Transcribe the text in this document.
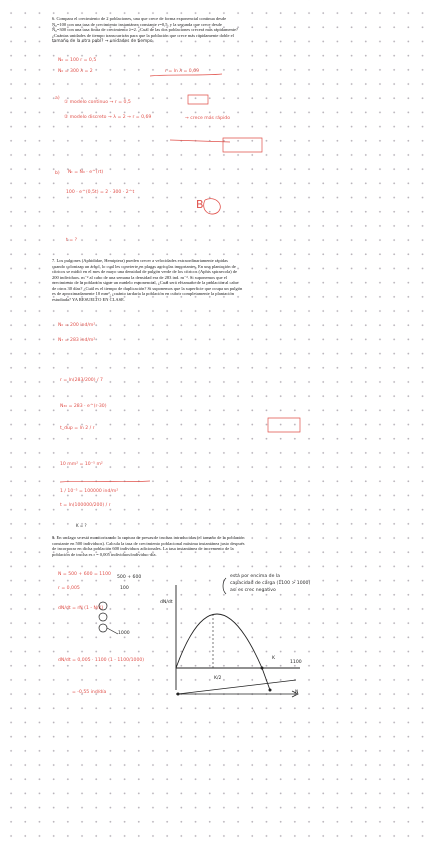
6. Compara el crecimiento de 2 poblaciones, una que crece de forma exponencial continua desde

N₀=100 con una tasa de crecimiento instantánea constante r=0,5, y la segunda que crece desde

N₀=300 con una tasa finita de crecimiento λ=2. ¿Cuál de las dos poblaciones crecerá más rápidamente?

¿Cuántas unidades de tiempo transcurrirán para que la población que crece más rápidamente doble el

tamaño de la otra pobl? → unidades de tiempo
N₀ = 100 r = 0,5
N₀ = 300 λ = 2	r = ln λ = 0,69
a)
① modelo continuo → r = 0,5
② modelo discreto → λ = 2 → r = 0,69	→ crece más rápido
b) Nₜ = N₀ · e^(rt)
100 · e^(0,5t) = 2 · 300 · 2^t
t = ?
B

7. Los pulgones (Aphididae, Hemiptera) pueden crecer a velocidades extraordinariamente rápidas

cuando colonizan un árbol, lo cual les convierte en plagas agrícolas importantes. En una plantación de

cítricos se midió en el mes de mayo una densidad de pulgón verde de los cítricos (Aphis spiraecola) de

200 individuos. m⁻² al cabo de una semana la densidad era de 283 ind. m⁻². Si suponemos que el

crecimiento de la población sigue un modelo exponencial, ¿Cuál será el tamaño de la población al cabo

de otros 30 días? ¿Cuál es el tiempo de duplicación? Si suponemos que la superficie que ocupa un pulgón

es de aproximadamente 10 mm², ¿cuánto tardaría la población en cubrir completamente la plantación

estudiada? YA RESUELTO EN CLASE.

N₀ = 200 ind/m²
N₇ = 283 ind/m²
r = ln(283/200) / 7
N₃₀ = 283 · e^(r·30)
t_dup = ln 2 / r
10 mm² = 10⁻⁵ m²
1 / 10⁻⁵ = 100000 ind/m²
t = ln(100000/200) / r

8. En un lago se está monitorizando la captura de presas de truchas introducidas (el tamaño de la población

constante en 500 individuos). Calcula la tasa de crecimiento poblacional máxima instantánea justo después

de incorporar en dicha población 600 individuos adicionales. La tasa instantánea de incremento de la

población de trucha es r = 0,005 individuos/individuo·día.

K = ?
N = 500 + 600 = 1100
r = 0,005
dN/dt = rN (1 - N/K)
dN/dt = 0,005 · 1100 (1 - 1100/1000)
= -0,55 ind/día
500 + 600
100
1000
dN/dt
N
está por encima de la
capacidad de carga (1100 > 1000)
así es crec negativo
K/2
K
1100
